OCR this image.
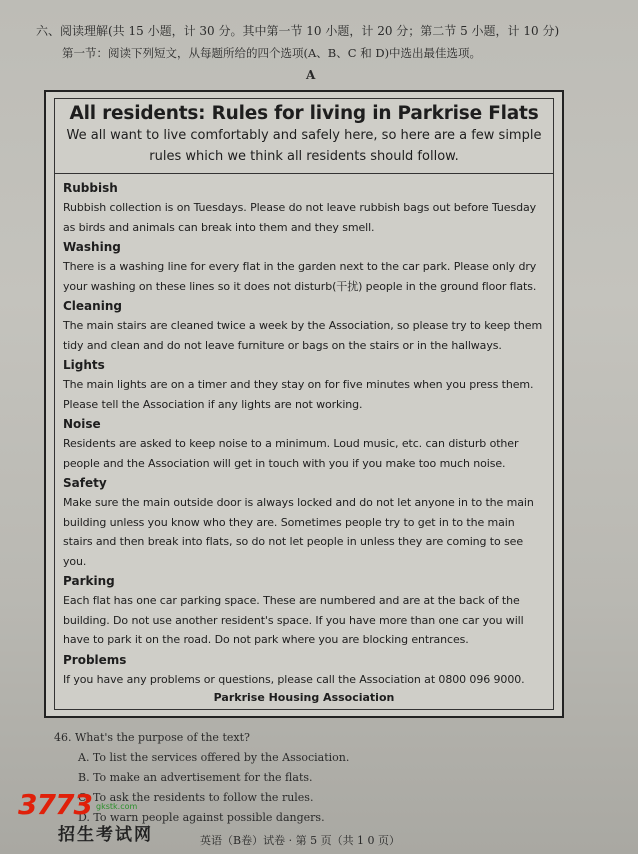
六、阅读理解(共 15 小题，计 30 分。其中第一节 10 小题，计 20 分；第二节 5 小题，计 10 分)
第一节：阅读下列短文，从每题所给的四个选项(A、B、C 和 D)中选出最佳选项。
A
All residents: Rules for living in Parkrise Flats
We all want to live comfortably and safely here, so here are a few simple rules which we think all residents should follow.
Rubbish
Rubbish collection is on Tuesdays. Please do not leave rubbish bags out before Tuesday as birds and animals can break into them and they smell.
Washing
There is a washing line for every flat in the garden next to the car park. Please only dry your washing on these lines so it does not disturb(干扰) people in the ground floor flats.
Cleaning
The main stairs are cleaned twice a week by the Association, so please try to keep them tidy and clean and do not leave furniture or bags on the stairs or in the hallways.
Lights
The main lights are on a timer and they stay on for five minutes when you press them. Please tell the Association if any lights are not working.
Noise
Residents are asked to keep noise to a minimum. Loud music, etc. can disturb other people and the Association will get in touch with you if you make too much noise.
Safety
Make sure the main outside door is always locked and do not let anyone in to the main building unless you know who they are. Sometimes people try to get in to the main stairs and then break into flats, so do not let people in unless they are coming to see you.
Parking
Each flat has one car parking space. These are numbered and are at the back of the building. Do not use another resident's space. If you have more than one car you will have to park it on the road. Do not park where you are blocking entrances.
Problems
If you have any problems or questions, please call the Association at 0800 096 9000.
Parkrise Housing Association
46. What's the purpose of the text?
A. To list the services offered by the Association.
B. To make an advertisement for the flats.
C. To ask the residents to follow the rules.
D. To warn people against possible dangers.
3773 gkstk.com
招生考试网	英语（B卷）试卷 · 第 5 页（共 1 0 页）
